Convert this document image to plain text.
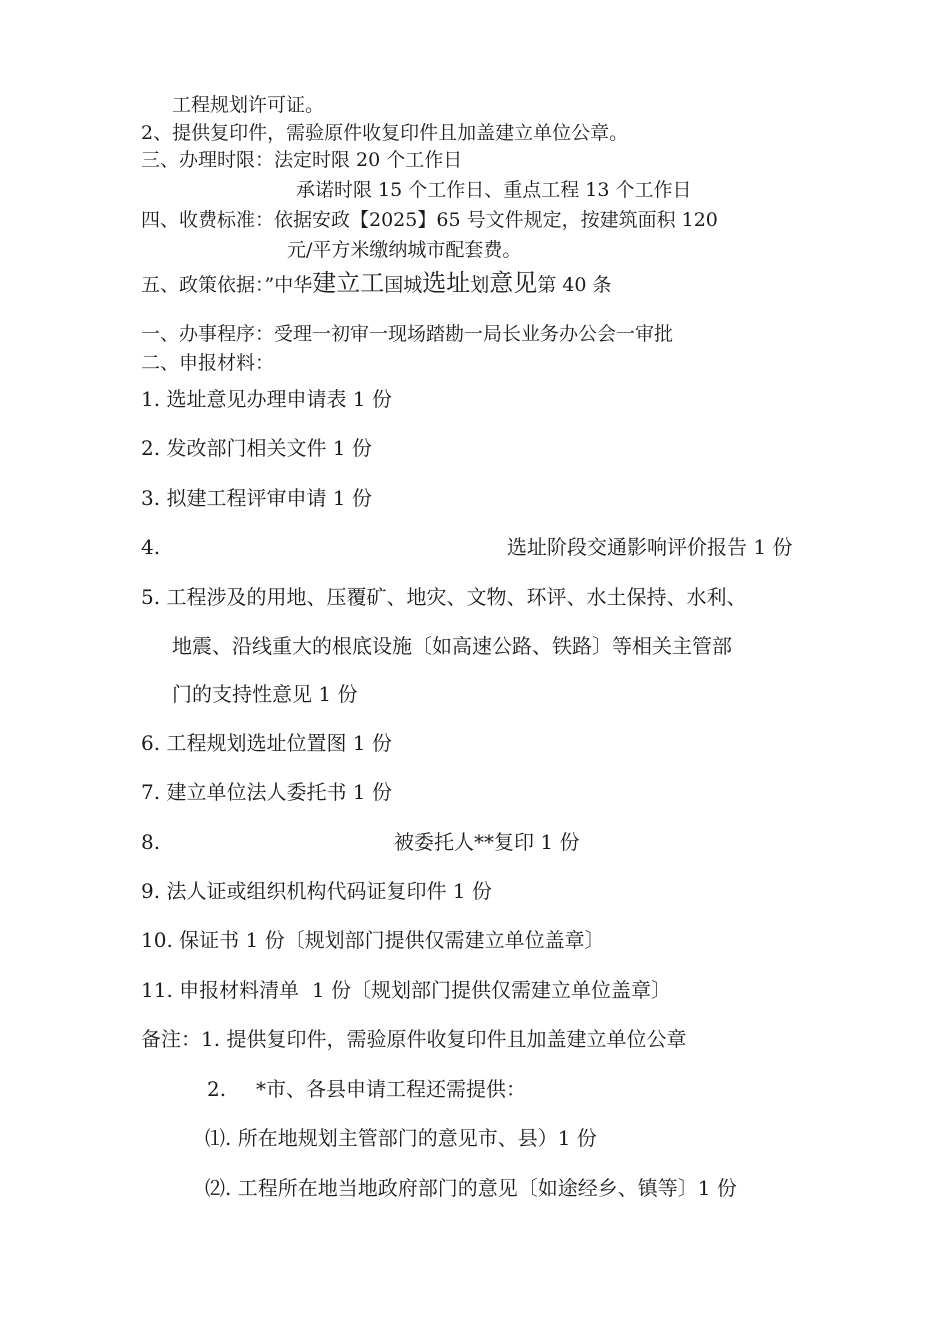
工程规划许可证。
2、提供复印件，需验原件收复印件且加盖建立单位公章。
三、办理时限：法定时限 20 个工作日
承诺时限 15 个工作日、重点工程 13 个工作日
四、收费标准：依据安政【2025】65 号文件规定，按建筑面积 120
元/平方米缴纳城市配套费。
五、政策依据：”中华建立工国城选址划意见第 40 条
一、办事程序：受理一初审一现场踏勘一局长业务办公会一审批
二、申报材料：
1. 选址意见办理申请表 1 份
2. 发改部门相关文件 1 份
3. 拟建工程评审申请 1 份
4.	选址阶段交通影响评价报告 1 份
5. 工程涉及的用地、压覆矿、地灾、文物、环评、水土保持、水利、
地震、沿线重大的根底设施〔如高速公路、铁路〕等相关主管部
门的支持性意见 1 份
6. 工程规划选址位置图 1 份
7. 建立单位法人委托书 1 份
8.	被委托人**复印 1 份
9. 法人证或组织机构代码证复印件 1 份
10. 保证书 1 份〔规划部门提供仅需建立单位盖章〕
11. 申报材料清单  1 份〔规划部门提供仅需建立单位盖章〕
备注：1. 提供复印件，需验原件收复印件且加盖建立单位公章
2. *市、各县申请工程还需提供：
⑴. 所在地规划主管部门的意见市、县）1 份
⑵. 工程所在地当地政府部门的意见〔如途经乡、镇等〕1 份
